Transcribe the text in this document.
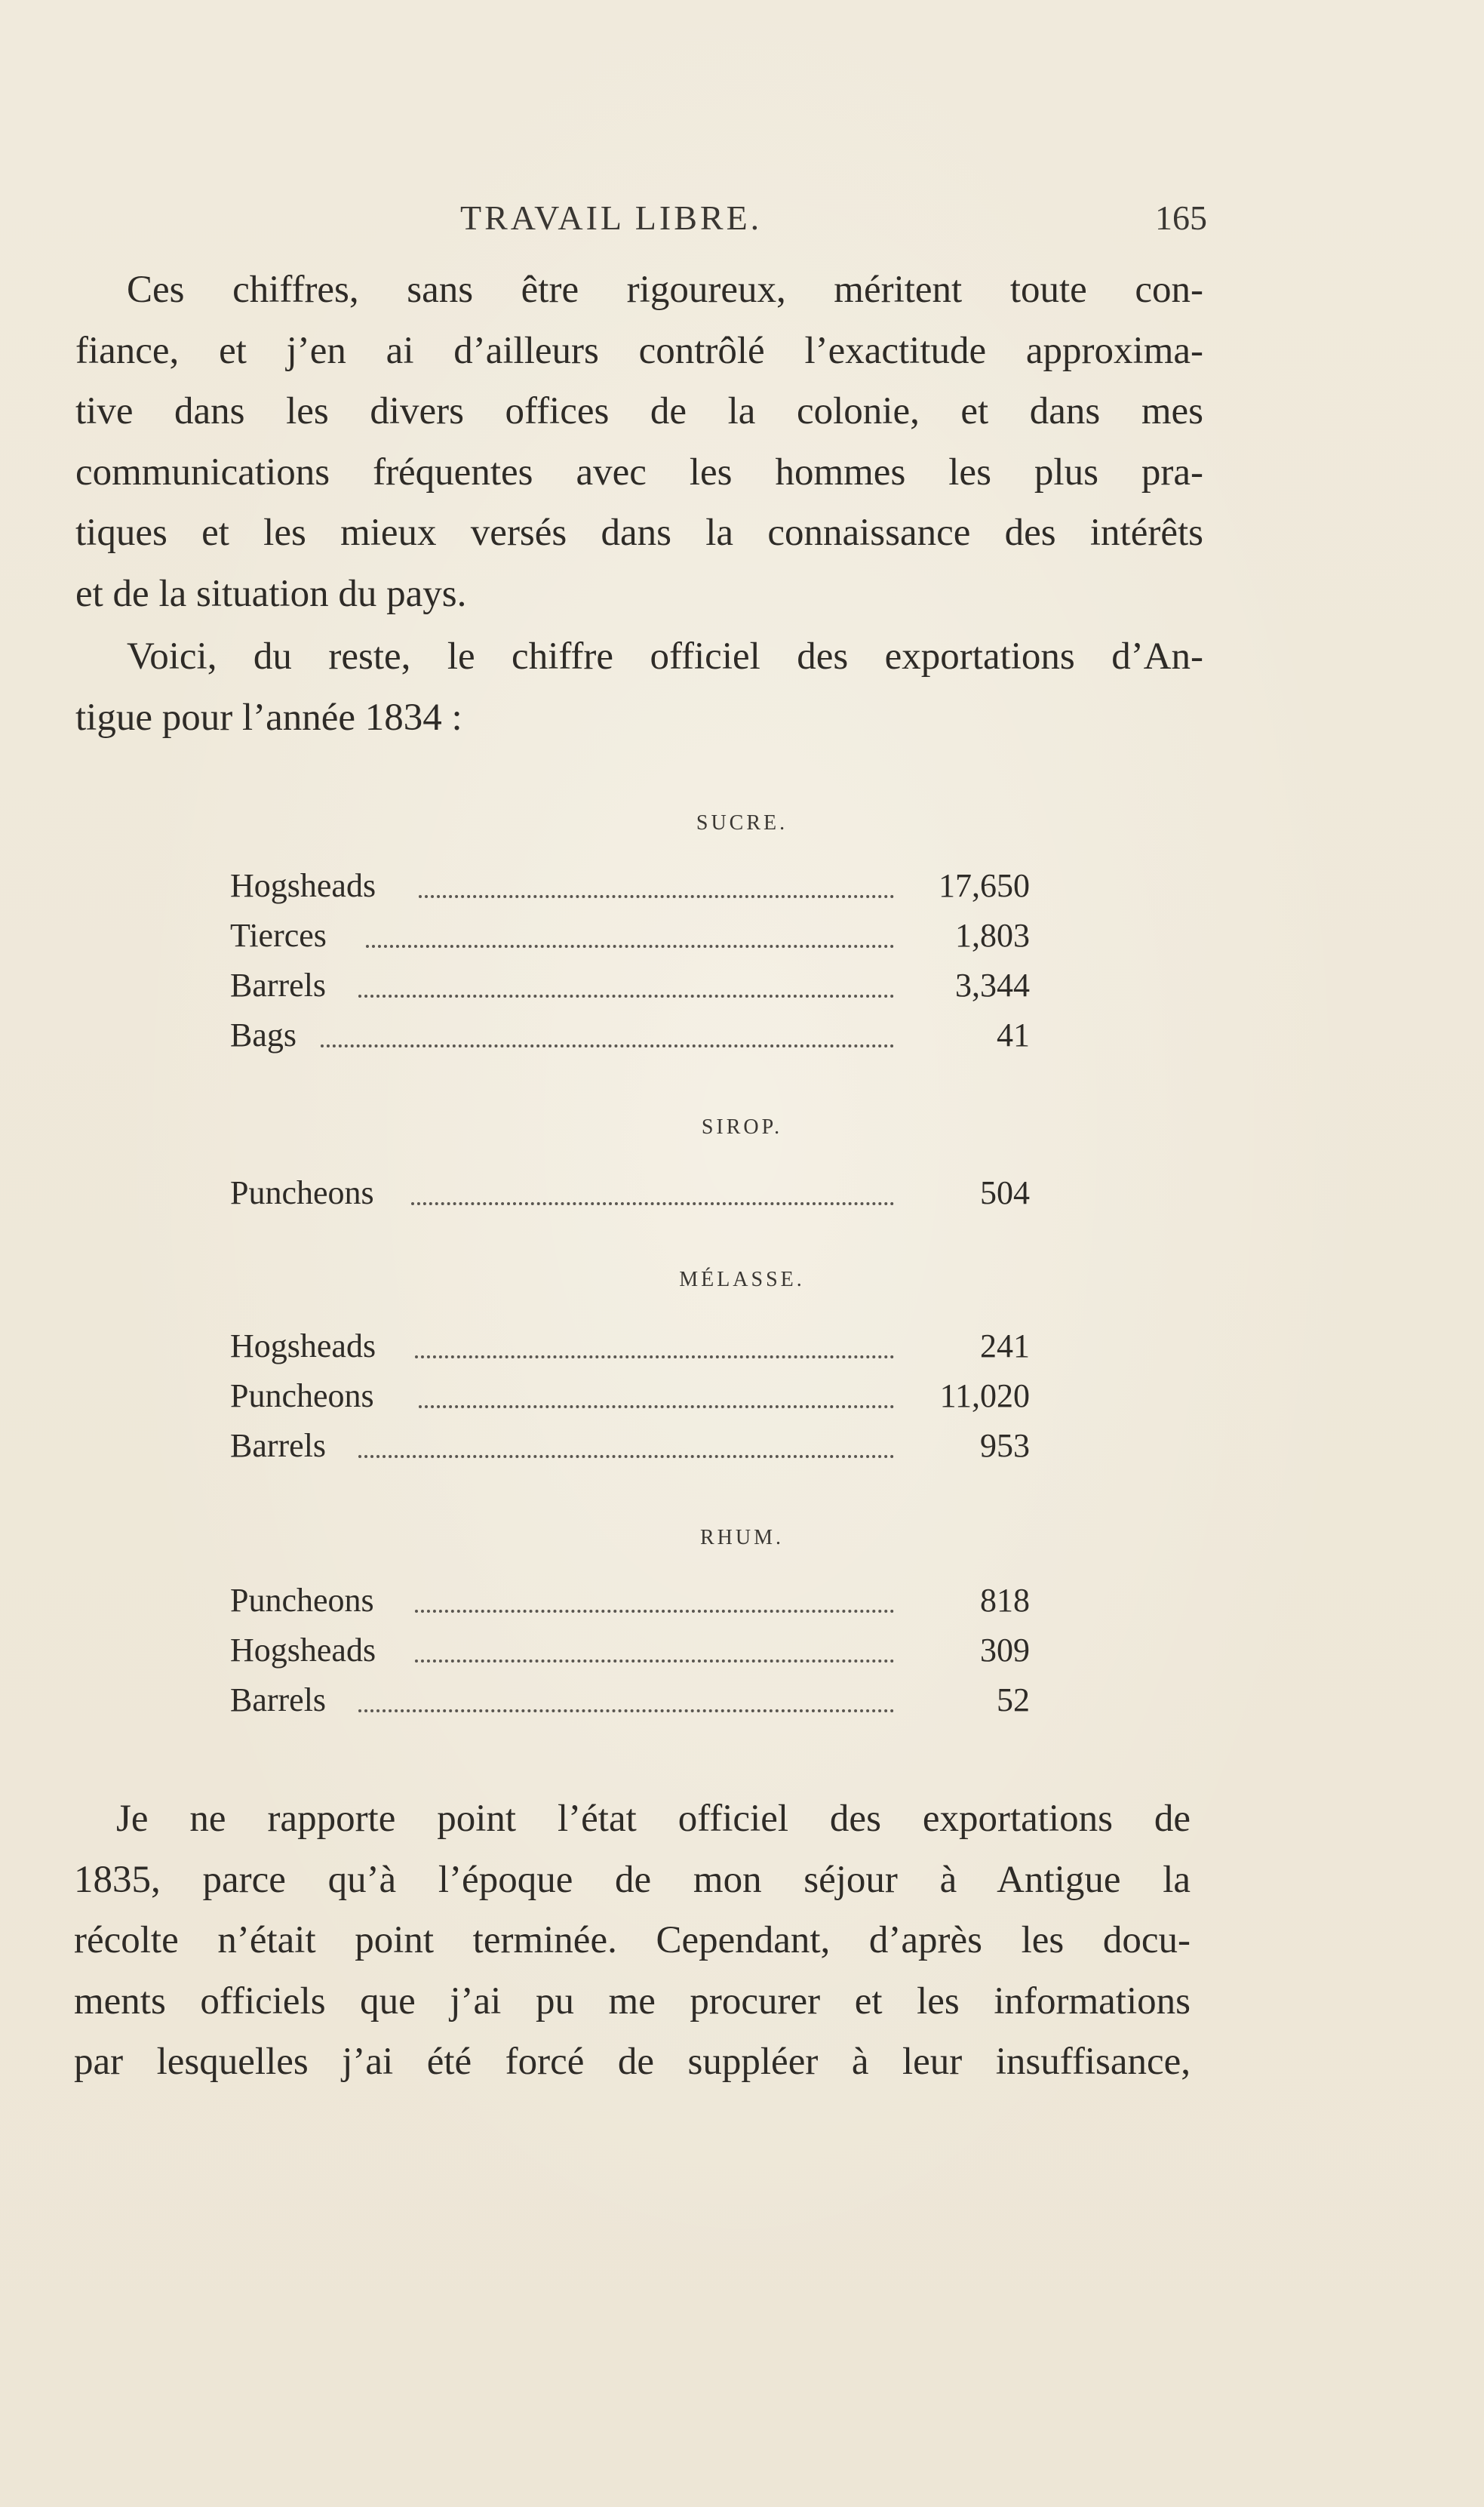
TRAVAIL LIBRE.	165
Ces chiffres, sans être rigoureux, méritent toute con-
fiance, et j’en ai d’ailleurs contrôlé l’exactitude approxima-
tive dans les divers offices de la colonie, et dans mes
communications fréquentes avec les hommes les plus pra-
tiques et les mieux versés dans la connaissance des intérêts
et de la situation du pays.
Voici, du reste, le chiffre officiel des exportations d’An-
tigue pour l’année 1834 :
SUCRE.
Hogsheads	17,650
Tierces	1,803
Barrels	3,344
Bags	41
SIROP.
Puncheons	504
MÉLASSE.
Hogsheads	241
Puncheons	11,020
Barrels	953
RHUM.
Puncheons	818
Hogsheads	309
Barrels	52
Je ne rapporte point l’état officiel des exportations de
1835, parce qu’à l’époque de mon séjour à Antigue la
récolte n’était point terminée. Cependant, d’après les docu-
ments officiels que j’ai pu me procurer et les informations
par lesquelles j’ai été forcé de suppléer à leur insuffisance,
